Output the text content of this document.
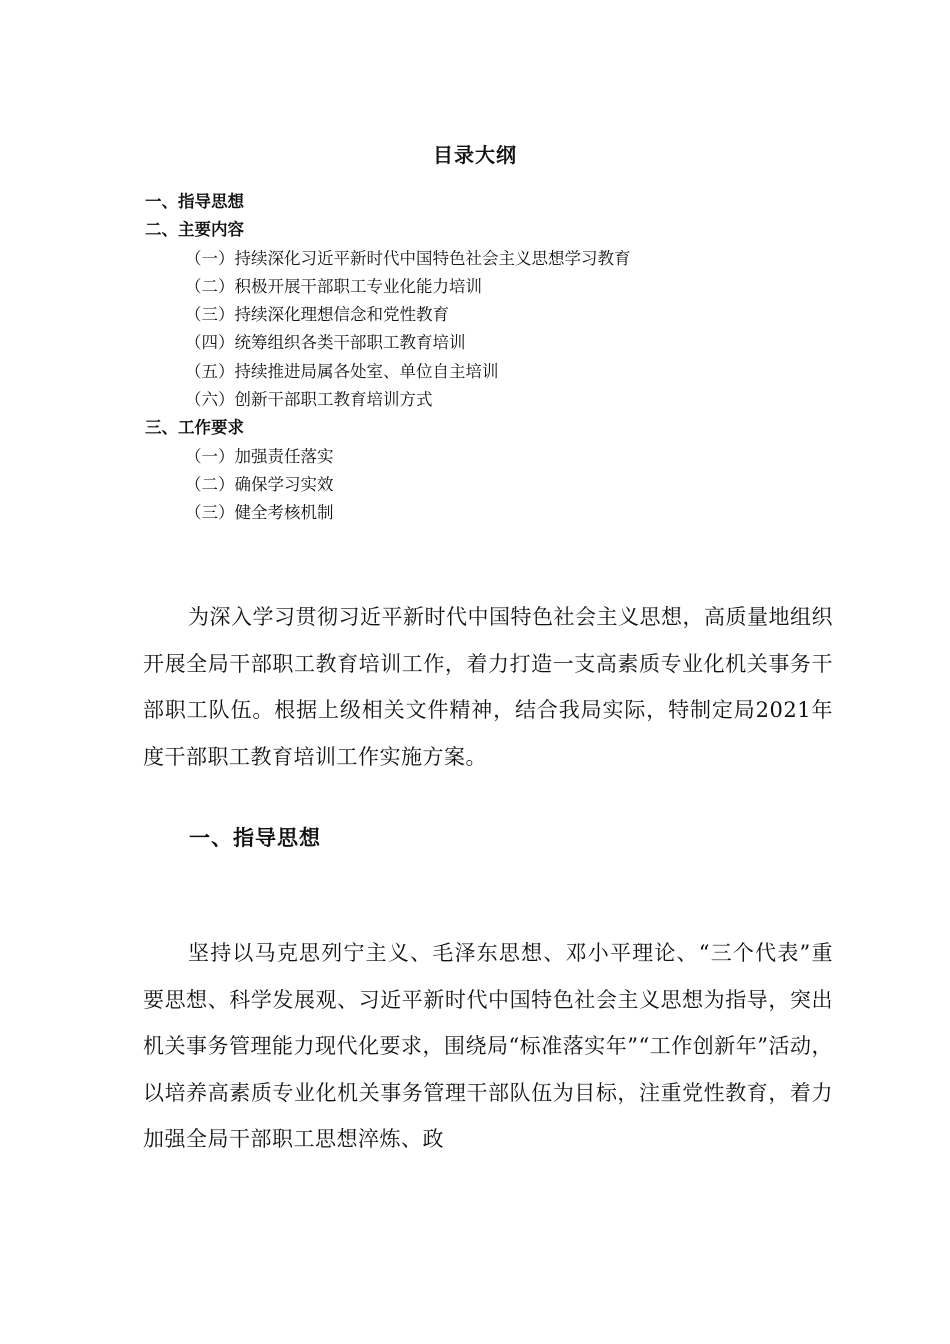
目录大纲
一、指导思想
二、主要内容
（一）持续深化习近平新时代中国特色社会主义思想学习教育
（二）积极开展干部职工专业化能力培训
（三）持续深化理想信念和党性教育
（四）统筹组织各类干部职工教育培训
（五）持续推进局属各处室、单位自主培训
（六）创新干部职工教育培训方式
三、工作要求
（一）加强责任落实
（二）确保学习实效
（三）健全考核机制

为深入学习贯彻习近平新时代中国特色社会主义思想，高质量地组织开展全局干部职工教育培训工作，着力打造一支高素质专业化机关事务干部职工队伍。根据上级相关文件精神，结合我局实际，特制定局2021年度干部职工教育培训工作实施方案。

一、指导思想

坚持以马克思列宁主义、毛泽东思想、邓小平理论、“三个代表”重要思想、科学发展观、习近平新时代中国特色社会主义思想为指导，突出机关事务管理能力现代化要求，围绕局“标准落实年”“工作创新年”活动，以培养高素质专业化机关事务管理干部队伍为目标，注重党性教育，着力加强全局干部职工思想淬炼、政
